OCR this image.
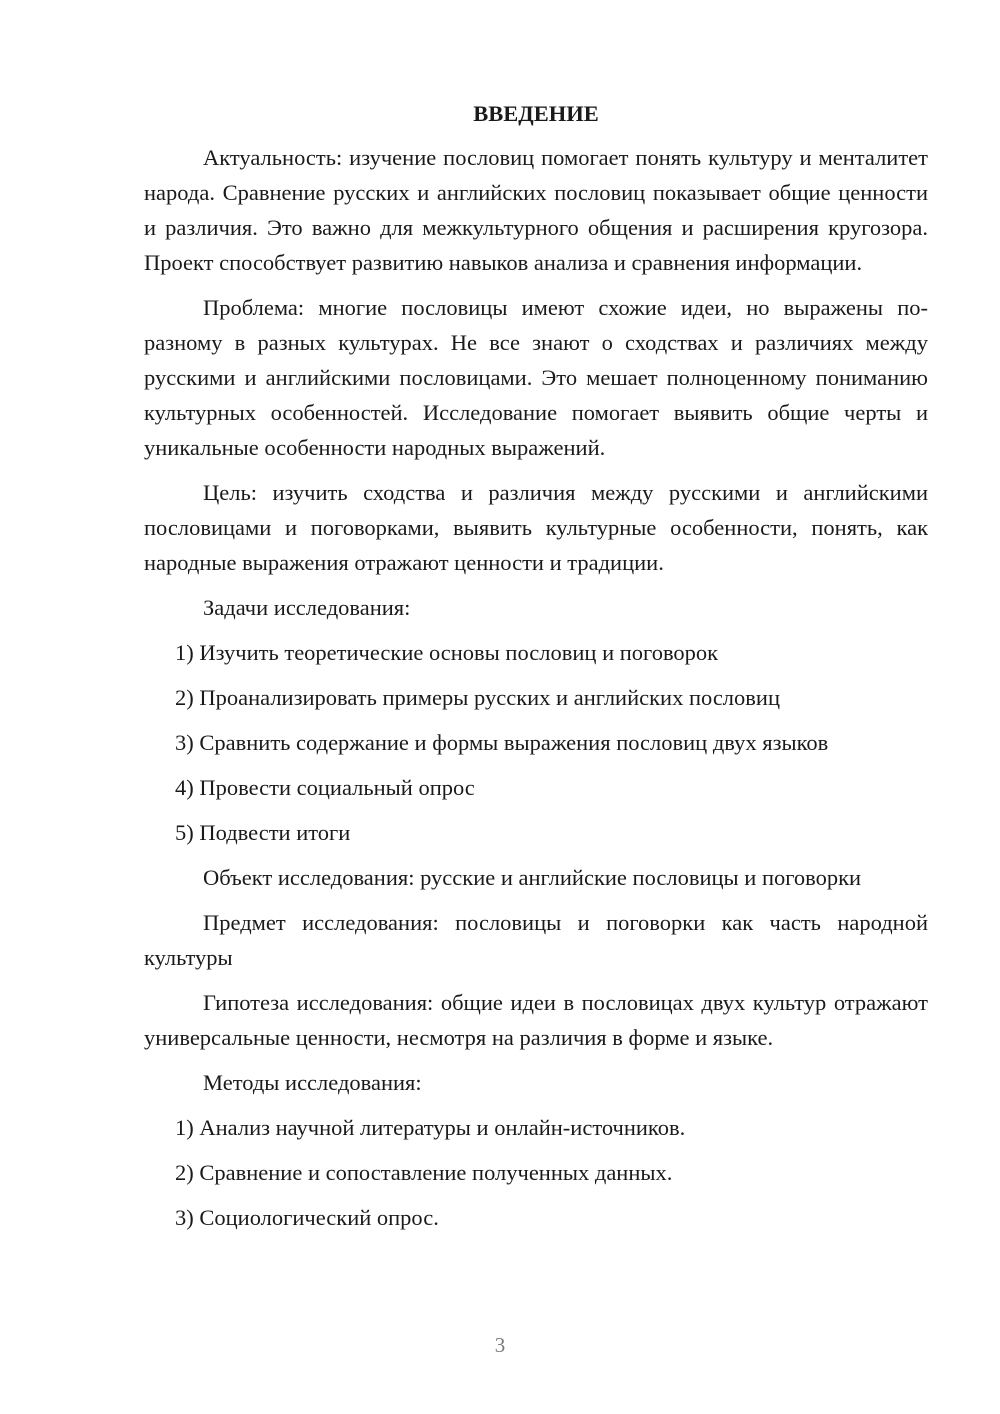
ВВЕДЕНИЕ

Актуальность: изучение пословиц помогает понять культуру и менталитет народа. Сравнение русских и английских пословиц показывает общие ценности и различия. Это важно для межкультурного общения и расширения кругозора. Проект способствует развитию навыков анализа и сравнения информации.

Проблема: многие пословицы имеют схожие идеи, но выражены по-разному в разных культурах. Не все знают о сходствах и различиях между русскими и английскими пословицами. Это мешает полноценному пониманию культурных особенностей. Исследование помогает выявить общие черты и уникальные особенности народных выражений.

Цель: изучить сходства и различия между русскими и английскими пословицами и поговорками, выявить культурные особенности, понять, как народные выражения отражают ценности и традиции.

Задачи исследования:

1) Изучить теоретические основы пословиц и поговорок

2) Проанализировать примеры русских и английских пословиц

3) Сравнить содержание и формы выражения пословиц двух языков

4) Провести социальный опрос

5) Подвести итоги

Объект исследования: русские и английские пословицы и поговорки

Предмет исследования: пословицы и поговорки как часть народной культуры

Гипотеза исследования: общие идеи в пословицах двух культур отражают универсальные ценности, несмотря на различия в форме и языке.

Методы исследования:

1) Анализ научной литературы и онлайн-источников.

2) Сравнение и сопоставление полученных данных.

3) Социологический опрос.

3
